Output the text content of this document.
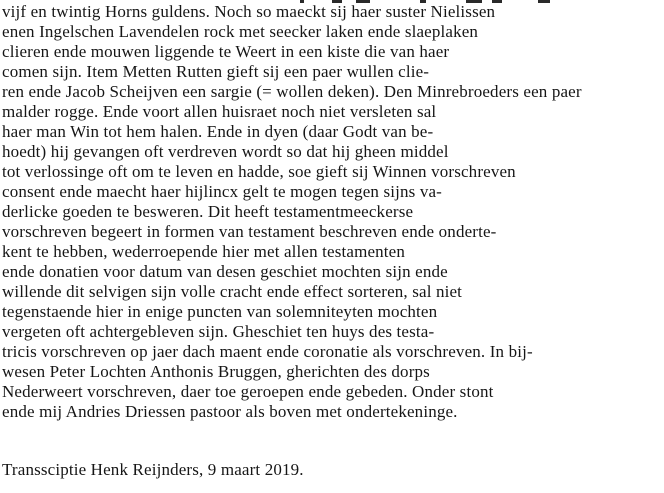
vijf en twintig Horns guldens. Noch so maeckt sij haer suster Nielissen
enen Ingelschen Lavendelen rock met seecker laken ende slaeplaken
clieren ende mouwen liggende te Weert in een kiste die van haer
comen sijn. Item Metten Rutten gieft sij een paer wullen clie-
ren ende Jacob Scheijven een sargie (= wollen deken). Den Minrebroeders een paer
malder rogge. Ende voort allen huisraet noch niet versleten sal
haer man Win tot hem halen. Ende in dyen (daar Godt van be-
hoedt) hij gevangen oft verdreven wordt so dat hij gheen middel
tot verlossinge oft om te leven en hadde, soe gieft sij Winnen vorschreven
consent ende maecht haer hijlincx gelt te mogen tegen sijns va-
derlicke goeden te besweren. Dit heeft testamentmeeckerse
vorschreven begeert in formen van testament beschreven ende onderte-
kent te hebben, wederroepende hier met allen testamenten
ende donatien voor datum van desen geschiet mochten sijn ende
willende dit selvigen sijn volle cracht ende effect sorteren, sal niet
tegenstaende hier in enige puncten van solemniteyten mochten
vergeten oft achtergebleven sijn. Gheschiet ten huys des testa-
tricis vorschreven op jaer dach maent ende coronatie als vorschreven. In bij-
wesen Peter Lochten Anthonis Bruggen, gherichten des dorps
Nederweert vorschreven, daer toe geroepen ende gebeden. Onder stont
ende mij Andries Driessen pastoor als boven met ondertekeninge.
Transsciptie Henk Reijnders, 9 maart 2019.
